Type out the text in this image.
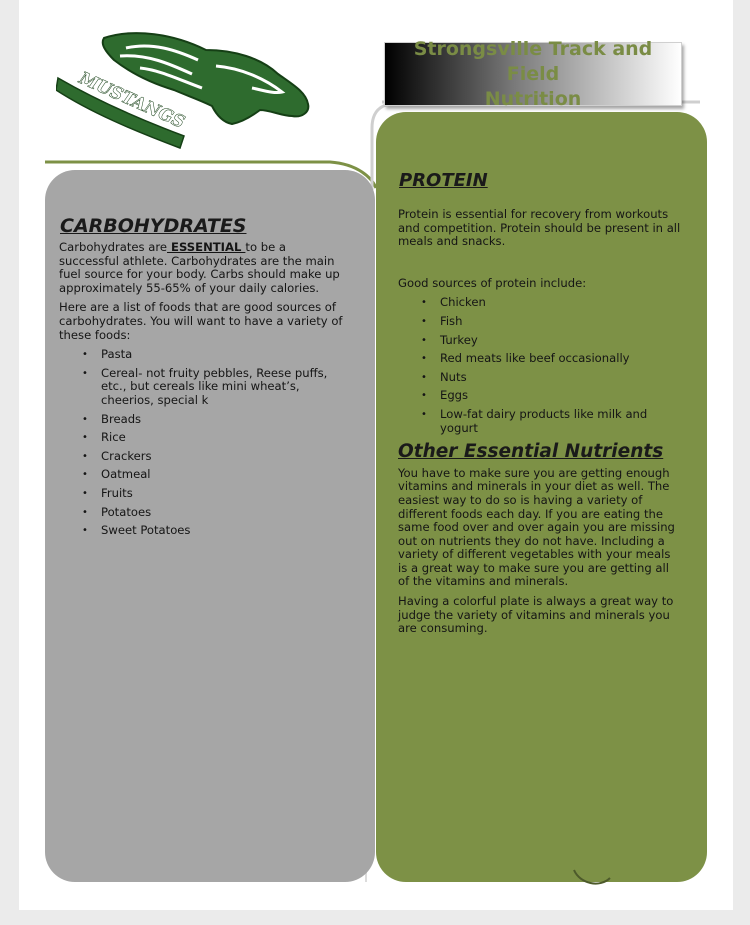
MUSTANGS
Strongsville Track and Field
Nutrition
CARBOHYDRATES

Carbohydrates are ESSENTIAL to be a successful athlete. Carbohydrates are the main fuel source for your body. Carbs should make up approximately 55-65% of your daily calories.

Here are a list of foods that are good sources of carbohydrates. You will want to have a variety of these foods:

• Pasta
• Cereal- not fruity pebbles, Reese puffs, etc., but cereals like mini wheat’s, cheerios, special k
• Breads
• Rice
• Crackers
• Oatmeal
• Fruits
• Potatoes
• Sweet Potatoes
PROTEIN

Protein is essential for recovery from workouts and competition. Protein should be present in all meals and snacks.

Good sources of protein include:

• Chicken
• Fish
• Turkey
• Red meats like beef occasionally
• Nuts
• Eggs
• Low-fat dairy products like milk and yogurt
Other Essential Nutrients

You have to make sure you are getting enough vitamins and minerals in your diet as well. The easiest way to do so is having a variety of different foods each day. If you are eating the same food over and over again you are missing out on nutrients they do not have. Including a variety of different vegetables with your meals is a great way to make sure you are getting all of the vitamins and minerals.

Having a colorful plate is always a great way to judge the variety of vitamins and minerals you are consuming.
